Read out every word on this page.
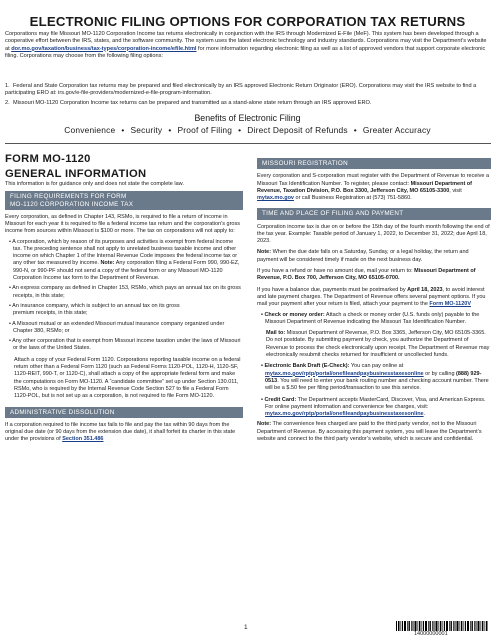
ELECTRONIC FILING OPTIONS FOR CORPORATION TAX RETURNS
Corporations may file Missouri MO-1120 Corporation Income tax returns electronically in conjunction with the IRS through Modernized E-File (MeF). This system has been developed through a cooperative effort between the IRS, states, and the software community. The system uses the latest electronic technology and industry standards. Corporations may visit the Department’s website at dor.mo.gov/taxation/business/tax-types/corporation-income/efile.html for more information regarding electronic filing as well as a list of approved vendors that support corporate electronic filing. Corporations may choose from the following filing options:
1. Federal and State Corporation tax returns may be prepared and filed electronically by an IRS approved Electronic Return Originator (ERO). Corporations may visit the IRS website to find a participating ERO at: irs.gov/e-file-providers/modernized-e-file-program-information.
2. Missouri MO-1120 Corporation Income tax returns can be prepared and transmitted as a stand-alone state return through an IRS approved ERO.
Benefits of Electronic Filing
Convenience • Security • Proof of Filing • Direct Deposit of Refunds • Greater Accuracy
FORM MO-1120
GENERAL INFORMATION
This information is for guidance only and does not state the complete law.
FILING REQUIREMENTS FOR FORM
MO-1120 CORPORATION INCOME TAX
Every corporation, as defined in Chapter 143, RSMo, is required to file a return of income in Missouri for each year it is required to file a federal income tax return and the corporation’s gross income from sources within Missouri is $100 or more. The tax on corporations will not apply to:
• A corporation, which by reason of its purposes and activities is exempt from federal income tax. The preceding sentence shall not apply to unrelated business taxable income and other income on which Chapter 1 of the Internal Revenue Code imposes the federal income tax or any other tax measured by income. Note: Any corporation filing a Federal Form 990, 990-EZ, 990-N, or 990-PF should not send a copy of the federal form or any Missouri MO-1120 Corporation Income tax form to the Department of Revenue.
• An express company as defined in Chapter 153, RSMo, which pays an annual tax on its gross receipts, in this state;
• An insurance company, which is subject to an annual tax on its gross
premium receipts, in this state;
• A Missouri mutual or an extended Missouri mutual insurance company organized under Chapter 380, RSMo; or
• Any other corporation that is exempt from Missouri income taxation under the laws of Missouri or the laws of the United States.
Attach a copy of your Federal Form 1120. Corporations reporting taxable income on a federal return other than a Federal Form 1120 (such as Federal Forms 1120-POL, 1120-H, 1120-SF, 1120-REIT, 990-T, or 1120-C), shall attach a copy of the appropriate federal form and make the computations on Form MO-1120. A “candidate committee” set up under Section 130.011, RSMo, who is required by the Internal Revenue Code Section 527 to file a Federal Form 1120-POL, but is not set up as a corporation, is not required to file Form MO-1120.
ADMINISTRATIVE DISSOLUTION
If a corporation required to file income tax fails to file and pay the tax within 90 days from the original due date (or 90 days from the extension due date), it shall forfeit its charter in this state under the provisions of Section 351.486
MISSOURI REGISTRATION
Every corporation and S-corporation must register with the Department of Revenue to receive a Missouri Tax Identification Number. To register, please contact: Missouri Department of Revenue, Taxation Division, P.O. Box 3300, Jefferson City, MO 65105-3300, visit mytax.mo.gov or call Business Registration at (573) 751-5860.
TIME AND PLACE OF FILING AND PAYMENT
Corporation income tax is due on or before the 15th day of the fourth month following the end of the tax year. Example: Taxable period of January 1, 2022, to December 31, 2022; due April 18, 2023.
Note: When the due date falls on a Saturday, Sunday, or a legal holiday, the return and payment will be considered timely if made on the next business day.
If you have a refund or have no amount due, mail your return to: Missouri Department of Revenue, P.O. Box 700, Jefferson City, MO 65105-0700.
If you have a balance due, payments must be postmarked by April 18, 2023, to avoid interest and late payment charges. The Department of Revenue offers several payment options. If you mail your payment after your return is filed, attach your payment to the Form MO-1120V
• Check or money order: Attach a check or money order (U.S. funds only) payable to the Missouri Department of Revenue indicating the Missouri Tax Identification Number.
Mail to: Missouri Department of Revenue, P.O. Box 3365, Jefferson City, MO 65105-3365. Do not postdate. By submitting payment by check, you authorize the Department of Revenue to process the check electronically upon receipt. The Department of Revenue may electronically resubmit checks returned for insufficient or uncollected funds.
• Electronic Bank Draft (E-Check): You can pay online at mytax.mo.gov/rptp/portal/onefileandpaybusinesstaxesonline or by calling (888) 929-0513. You will need to enter your bank routing number and checking account number. There will be a $.50 fee per filing period/transaction to use this service.
• Credit Card: The Department accepts MasterCard, Discover, Visa, and American Express. For online payment information and convenience fee charges, visit: mytax.mo.gov/rptp/portal/onefileandpaybusinesstaxesonline.
Note: The convenience fees charged are paid to the third party vendor, not to the Missouri Department of Revenue. By accessing this payment system, you will leave the Department’s website and connect to the third party vendor’s website, which is secure and confidential.
1
14000000001
